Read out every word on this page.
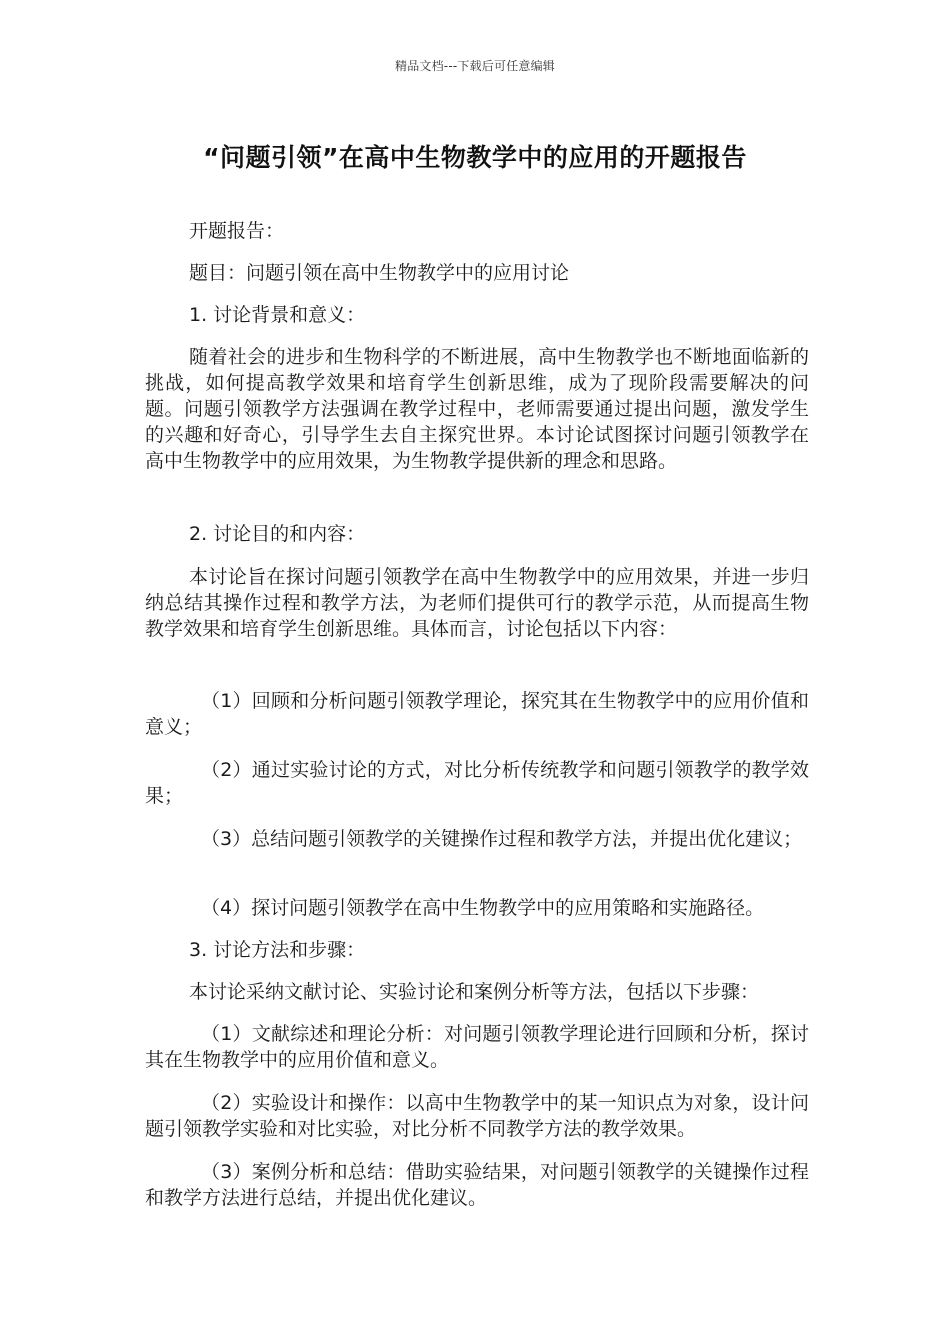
精品文档---下载后可任意编辑
“问题引领”在高中生物教学中的应用的开题报告

开题报告：

题目：问题引领在高中生物教学中的应用讨论

1. 讨论背景和意义：

随着社会的进步和生物科学的不断进展，高中生物教学也不断地面临新的挑战，如何提高教学效果和培育学生创新思维，成为了现阶段需要解决的问题。问题引领教学方法强调在教学过程中，老师需要通过提出问题，激发学生的兴趣和好奇心，引导学生去自主探究世界。本讨论试图探讨问题引领教学在高中生物教学中的应用效果，为生物教学提供新的理念和思路。

2. 讨论目的和内容：

本讨论旨在探讨问题引领教学在高中生物教学中的应用效果，并进一步归纳总结其操作过程和教学方法，为老师们提供可行的教学示范，从而提高生物教学效果和培育学生创新思维。具体而言，讨论包括以下内容：

（1）回顾和分析问题引领教学理论，探究其在生物教学中的应用价值和意义；

（2）通过实验讨论的方式，对比分析传统教学和问题引领教学的教学效果；

（3）总结问题引领教学的关键操作过程和教学方法，并提出优化建议；

（4）探讨问题引领教学在高中生物教学中的应用策略和实施路径。

3. 讨论方法和步骤：

本讨论采纳文献讨论、实验讨论和案例分析等方法，包括以下步骤：

（1）文献综述和理论分析：对问题引领教学理论进行回顾和分析，探讨其在生物教学中的应用价值和意义。

（2）实验设计和操作：以高中生物教学中的某一知识点为对象，设计问题引领教学实验和对比实验，对比分析不同教学方法的教学效果。

（3）案例分析和总结：借助实验结果，对问题引领教学的关键操作过程和教学方法进行总结，并提出优化建议。
